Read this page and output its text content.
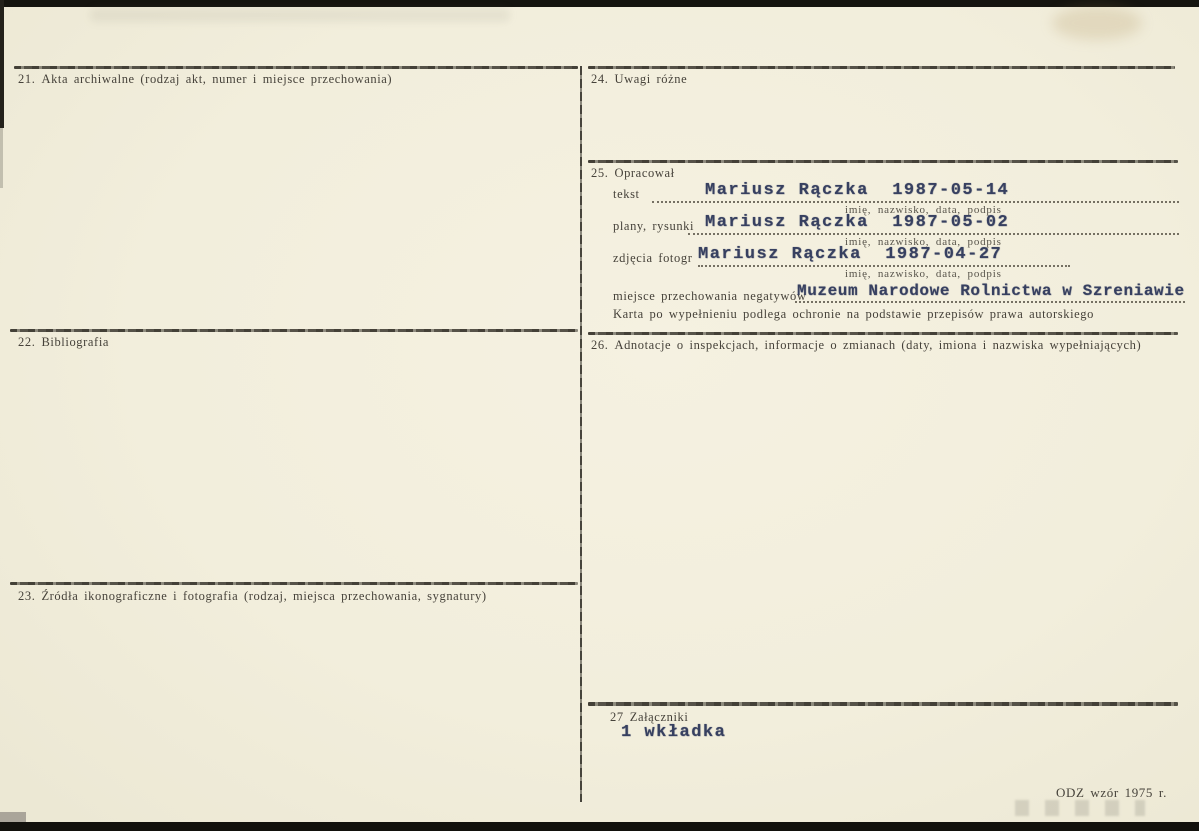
21. Akta archiwalne (rodzaj akt, numer i miejsce przechowania)
22. Bibliografia
23. Źródła ikonograficzne i fotografia (rodzaj, miejsca przechowania, sygnatury)
24. Uwagi różne
25. Opracował
tekst	Mariusz Rączka  1987-05-14
imię, nazwisko, data, podpis
plany, rysunki Mariusz Rączka  1987-05-02
imię, nazwisko, data, podpis
zdjęcia fotogr Mariusz Rączka  1987-04-27
imię, nazwisko, data, podpis
miejsce przechowania negatywów
Muzeum Narodowe Rolnictwa w Szreniawie
Karta po wypełnieniu podlega ochronie na podstawie przepisów prawa autorskiego
26. Adnotacje o inspekcjach, informacje o zmianach (daty, imiona i nazwiska wypełniających)
27 Załączniki
1 wkładka
ODZ wzór 1975 r.
